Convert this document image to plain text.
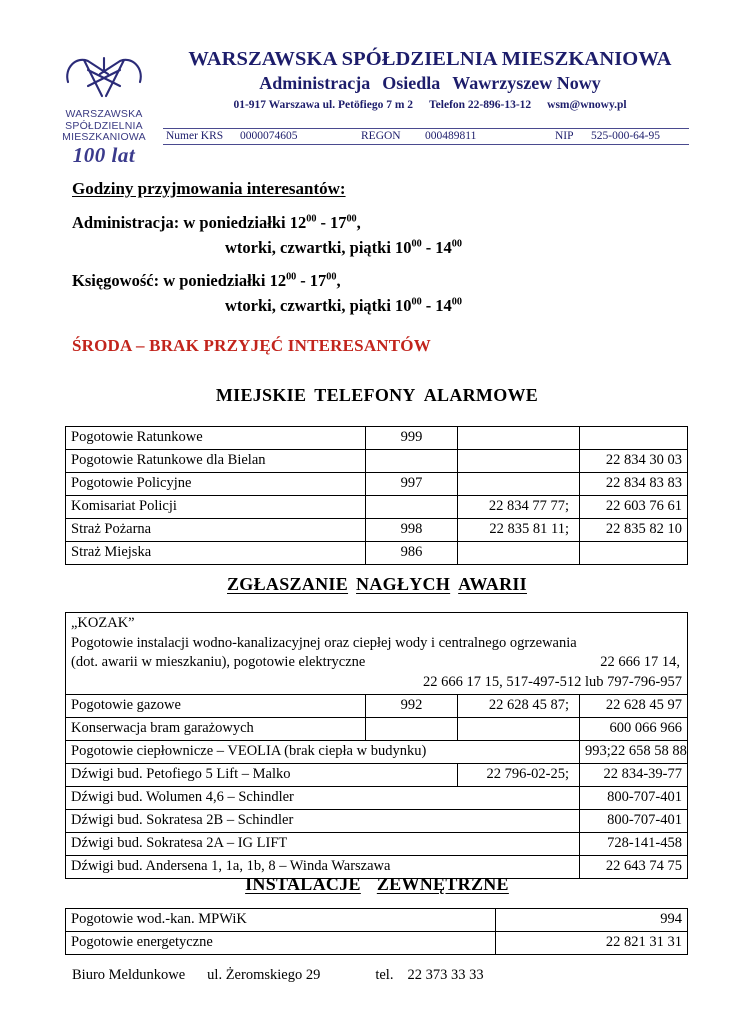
WARSZAWSKA
SPÓŁDZIELNIA
MIESZKANIOWA
100 lat
WARSZAWSKA SPÓŁDZIELNIA MIESZKANIOWA
Administracja Osiedla Wawrzyszew Nowy
01-917 Warszawa ul. Petöfiego 7 m 2 Telefon 22-896-13-12 wsm@wnowy.pl
Numer KRS 0000074605	REGON 000489811	NIP 525-000-64-95
Godziny przyjmowania interesantów:
Administracja: w poniedziałki $12^{00} - 17^{00}$,
wtorki, czwartki, piątki $10^{00} - 14^{00}$
Księgowość: w poniedziałki $12^{00} - 17^{00}$,
wtorki, czwartki, piątki $10^{00} - 14^{00}$
ŚRODA – BRAK PRZYJĘĆ INTERESANTÓW
MIEJSKIE TELEFONY ALARMOWE
Pogotowie Ratunkowe	999		
Pogotowie Ratunkowe dla Bielan			22 834 30 03
Pogotowie Policyjne	997		22 834 83 83
Komisariat Policji		22 834 77 77;	22 603 76 61
Straż Pożarna	998	22 835 81 11;	22 835 82 10
Straż Miejska	986		
ZGŁASZANIE NAGŁYCH AWARII
„KOZAK”
Pogotowie instalacji wodno-kanalizacyjnej oraz ciepłej wody i centralnego ogrzewania
(dot. awarii w mieszkaniu), pogotowie elektryczne 22 666 17 14,
22 666 17 15, 517-497-512 lub 797-796-957			

Pogotowie gazowe	992	22 628 45 87;	22 628 45 97
Konserwacja bram garażowych			600 066 966
Pogotowie ciepłownicze – VEOLIA (brak ciepła w budynku)			993; 22 658 58 88

Dźwigi bud. Petofiego 5 Lift – Malko		22 796-02-25;	22 834-39-77
Dźwigi bud. Wolumen 4,6 – Schindler			800-707-401
Dźwigi bud. Sokratesa 2B – Schindler			800-707-401
Dźwigi bud. Sokratesa 2A – IG LIFT			728-141-458
Dźwigi bud. Andersena 1, 1a, 1b, 8 – Winda Warszawa			22 643 74 75
INSTALACJE ZEWNĘTRZNE
Pogotowie wod.-kan. MPWiK	994
Pogotowie energetyczne	22 821 31 31
Biuro Meldunkowe ul. Żeromskiego 29	tel. 22 373 33 33
